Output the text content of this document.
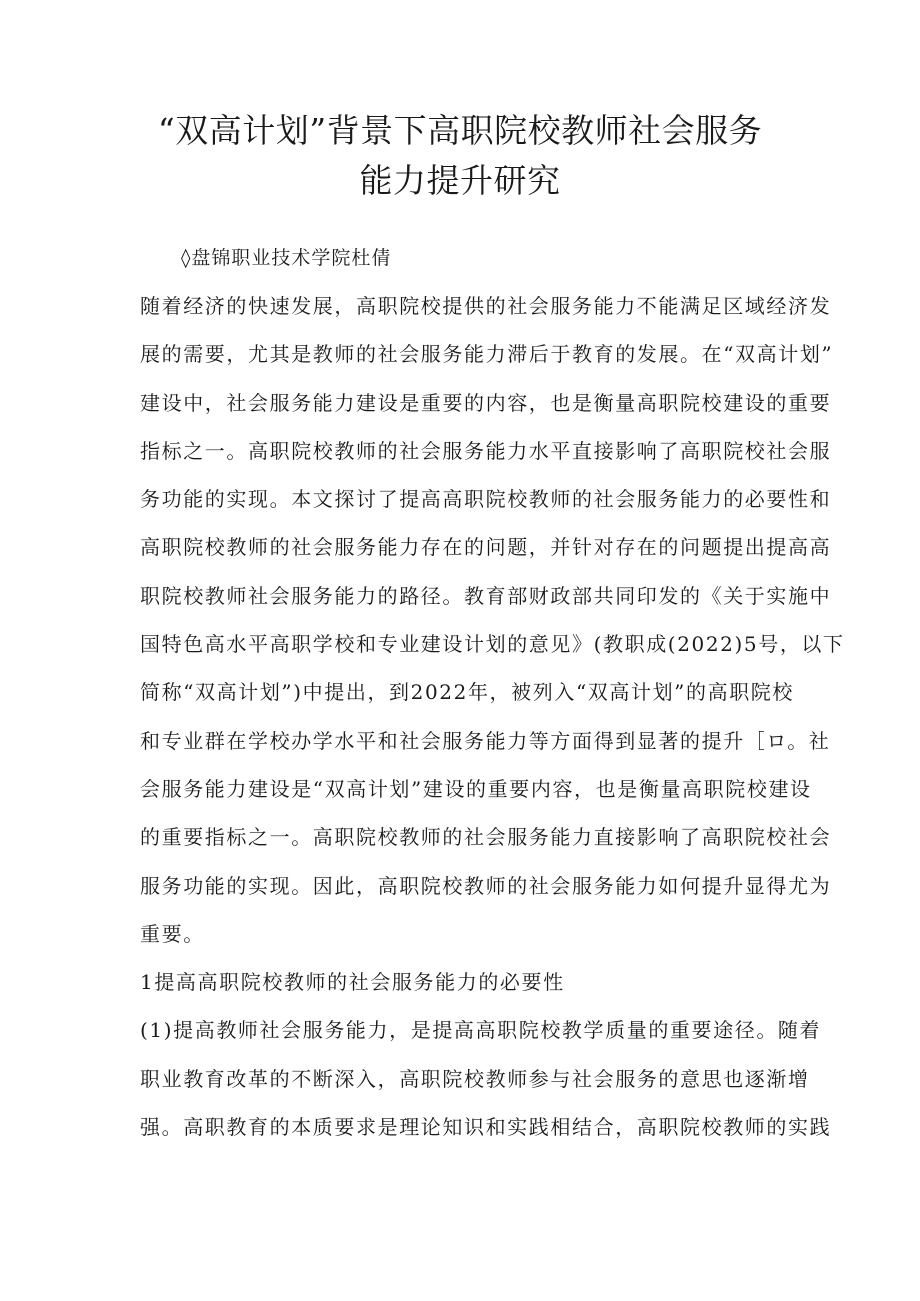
“双高计划”背景下高职院校教师社会服务
能力提升研究

◊盘锦职业技术学院杜倩

随着经济的快速发展，高职院校提供的社会服务能力不能满足区域经济发
展的需要，尤其是教师的社会服务能力滞后于教育的发展。在“双高计划”
建设中，社会服务能力建设是重要的内容，也是衡量高职院校建设的重要
指标之一。高职院校教师的社会服务能力水平直接影响了高职院校社会服
务功能的实现。本文探讨了提高高职院校教师的社会服务能力的必要性和
高职院校教师的社会服务能力存在的问题，并针对存在的问题提出提高高
职院校教师社会服务能力的路径。教育部财政部共同印发的《关于实施中
国特色高水平高职学校和专业建设计划的意见》(教职成(2022)5号，以下
简称“双高计划”)中提出，到2022年，被列入“双高计划”的高职院校
和专业群在学校办学水平和社会服务能力等方面得到显著的提升［ロ。社
会服务能力建设是“双高计划”建设的重要内容，也是衡量高职院校建设
的重要指标之一。高职院校教师的社会服务能力直接影响了高职院校社会
服务功能的实现。因此，高职院校教师的社会服务能力如何提升显得尤为
重要。
1提高高职院校教师的社会服务能力的必要性
(1)提高教师社会服务能力，是提高高职院校教学质量的重要途径。随着
职业教育改革的不断深入，高职院校教师参与社会服务的意思也逐渐增
强。高职教育的本质要求是理论知识和实践相结合，高职院校教师的实践
